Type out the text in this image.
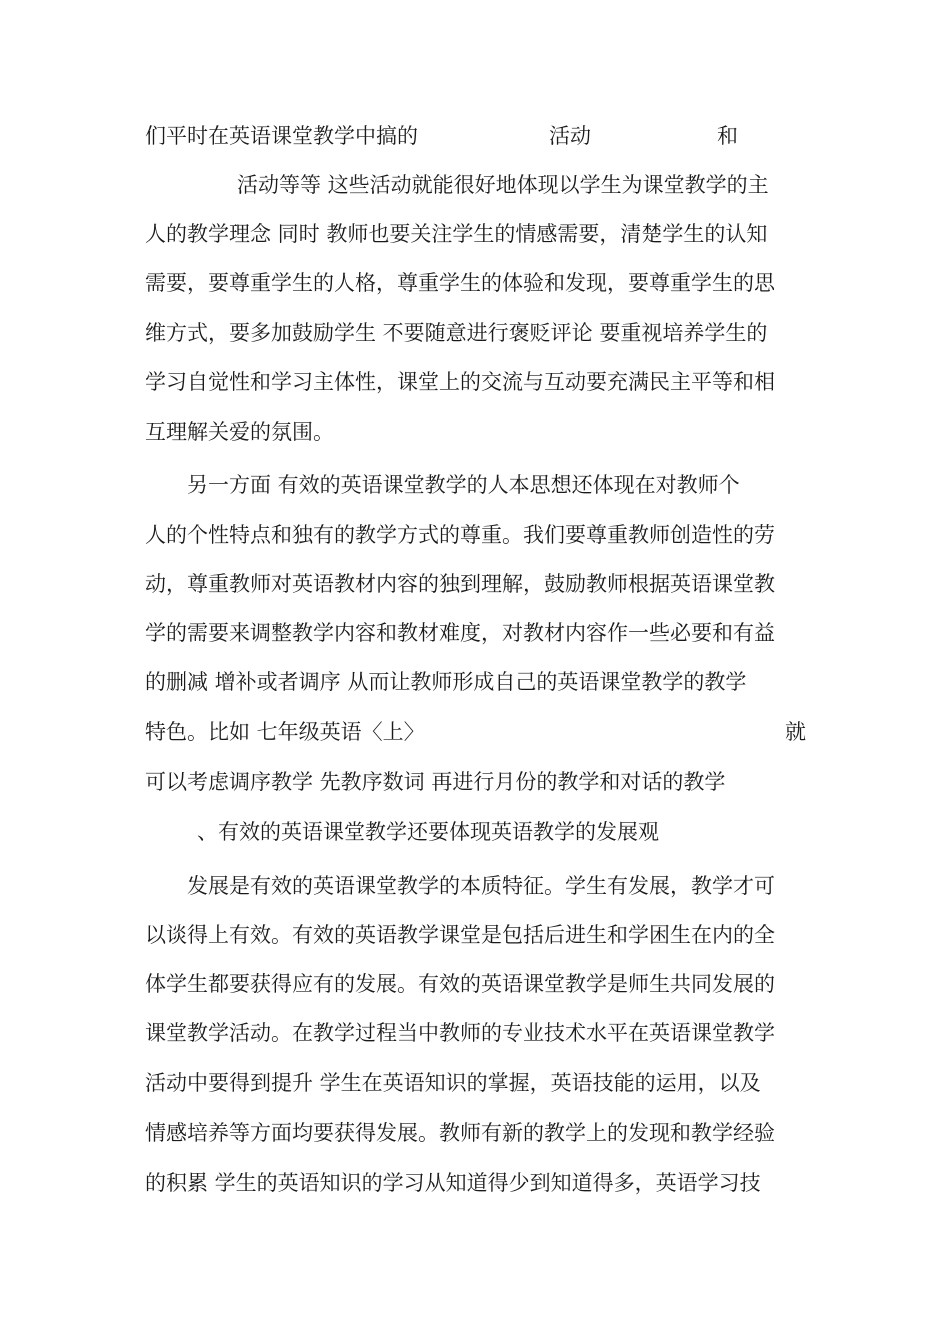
们平时在英语课堂教学中搞的	活动	和
活动等等 这些活动就能很好地体现以学生为课堂教学的主
人的教学理念 同时 教师也要关注学生的情感需要，清楚学生的认知
需要，要尊重学生的人格，尊重学生的体验和发现，要尊重学生的思
维方式，要多加鼓励学生 不要随意进行褒贬评论 要重视培养学生的
学习自觉性和学习主体性，课堂上的交流与互动要充满民主平等和相
互理解关爱的氛围。
另一方面 有效的英语课堂教学的人本思想还体现在对教师个
人的个性特点和独有的教学方式的尊重。我们要尊重教师创造性的劳
动，尊重教师对英语教材内容的独到理解，鼓励教师根据英语课堂教
学的需要来调整教学内容和教材难度，对教材内容作一些必要和有益
的删减 增补或者调序 从而让教师形成自己的英语课堂教学的教学
特色。比如 七年级英语〈上〉	就
可以考虑调序教学 先教序数词 再进行月份的教学和对话的教学
、有效的英语课堂教学还要体现英语教学的发展观
发展是有效的英语课堂教学的本质特征。学生有发展，教学才可
以谈得上有效。有效的英语教学课堂是包括后进生和学困生在内的全
体学生都要获得应有的发展。有效的英语课堂教学是师生共同发展的
课堂教学活动。在教学过程当中教师的专业技术水平在英语课堂教学
活动中要得到提升 学生在英语知识的掌握，英语技能的运用，以及
情感培养等方面均要获得发展。教师有新的教学上的发现和教学经验
的积累 学生的英语知识的学习从知道得少到知道得多，英语学习技
